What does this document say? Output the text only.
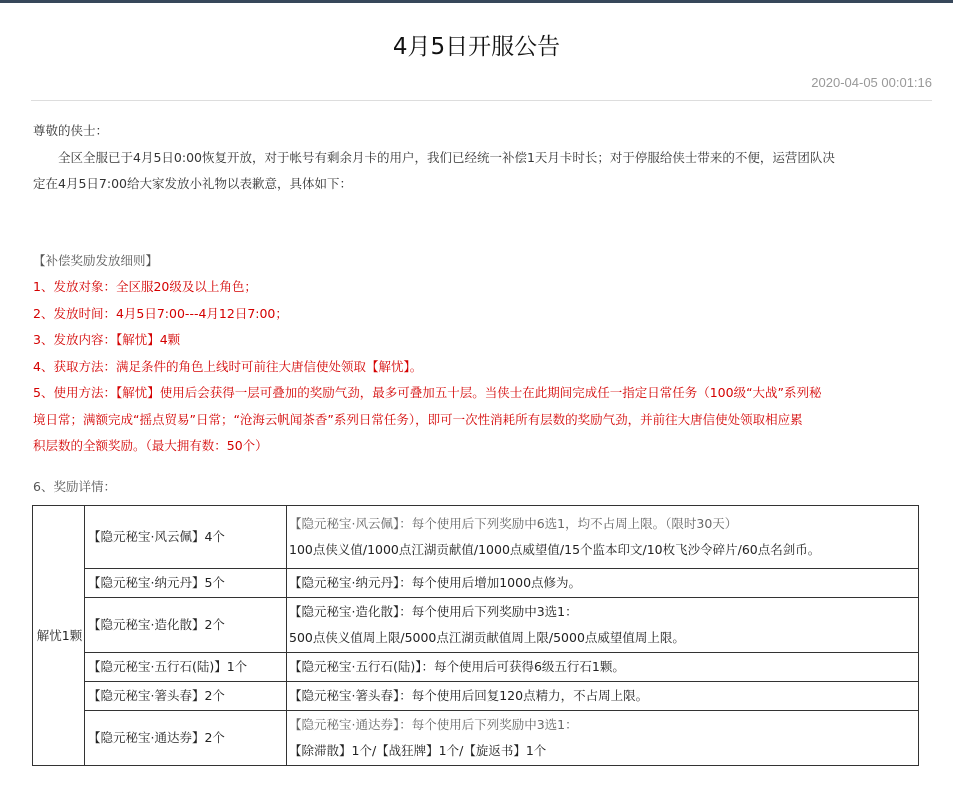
4月5日开服公告
2020-04-05 00:01:16

尊敬的侠士：

全区全服已于4月5日0:00恢复开放，对于帐号有剩余月卡的用户，我们已经统一补偿1天月卡时长；对于停服给侠士带来的不便，运营团队决

定在4月5日7:00给大家发放小礼物以表歉意，具体如下：

【补偿奖励发放细则】

1、发放对象：全区服20级及以上角色；

2、发放时间：4月5日7:00---4月12日7:00；

3、发放内容：【解忧】4颗

4、获取方法：满足条件的角色上线时可前往大唐信使处领取【解忧】。

5、使用方法：【解忧】使用后会获得一层可叠加的奖励气劲，最多可叠加五十层。当侠士在此期间完成任一指定日常任务（100级“大战”系列秘

境日常；满额完成“摇点贸易”日常；“沧海云帆闻茶香”系列日常任务），即可一次性消耗所有层数的奖励气劲，并前往大唐信使处领取相应累

积层数的全额奖励。（最大拥有数：50个）

6、奖励详情：

解忧1颗	【隐元秘宝·风云佩】4个	【隐元秘宝·风云佩】：每个使用后下列奖励中6选1，均不占周上限。（限时30天）
100点侠义值/1000点江湖贡献值/1000点威望值/15个监本印文/10枚飞沙令碎片/60点名剑币。

	【隐元秘宝·纳元丹】5个	【隐元秘宝·纳元丹】：每个使用后增加1000点修为。

	【隐元秘宝·造化散】2个	【隐元秘宝·造化散】：每个使用后下列奖励中3选1：
500点侠义值周上限/5000点江湖贡献值周上限/5000点威望值周上限。

	【隐元秘宝·五行石(陆)】1个	【隐元秘宝·五行石(陆)】：每个使用后可获得6级五行石1颗。

	【隐元秘宝·箸头春】2个	【隐元秘宝·箸头春】：每个使用后回复120点精力，不占周上限。

	【隐元秘宝·通达券】2个	【隐元秘宝·通达券】：每个使用后下列奖励中3选1：
【除滞散】1个/【战狂牌】1个/【旋返书】1个
